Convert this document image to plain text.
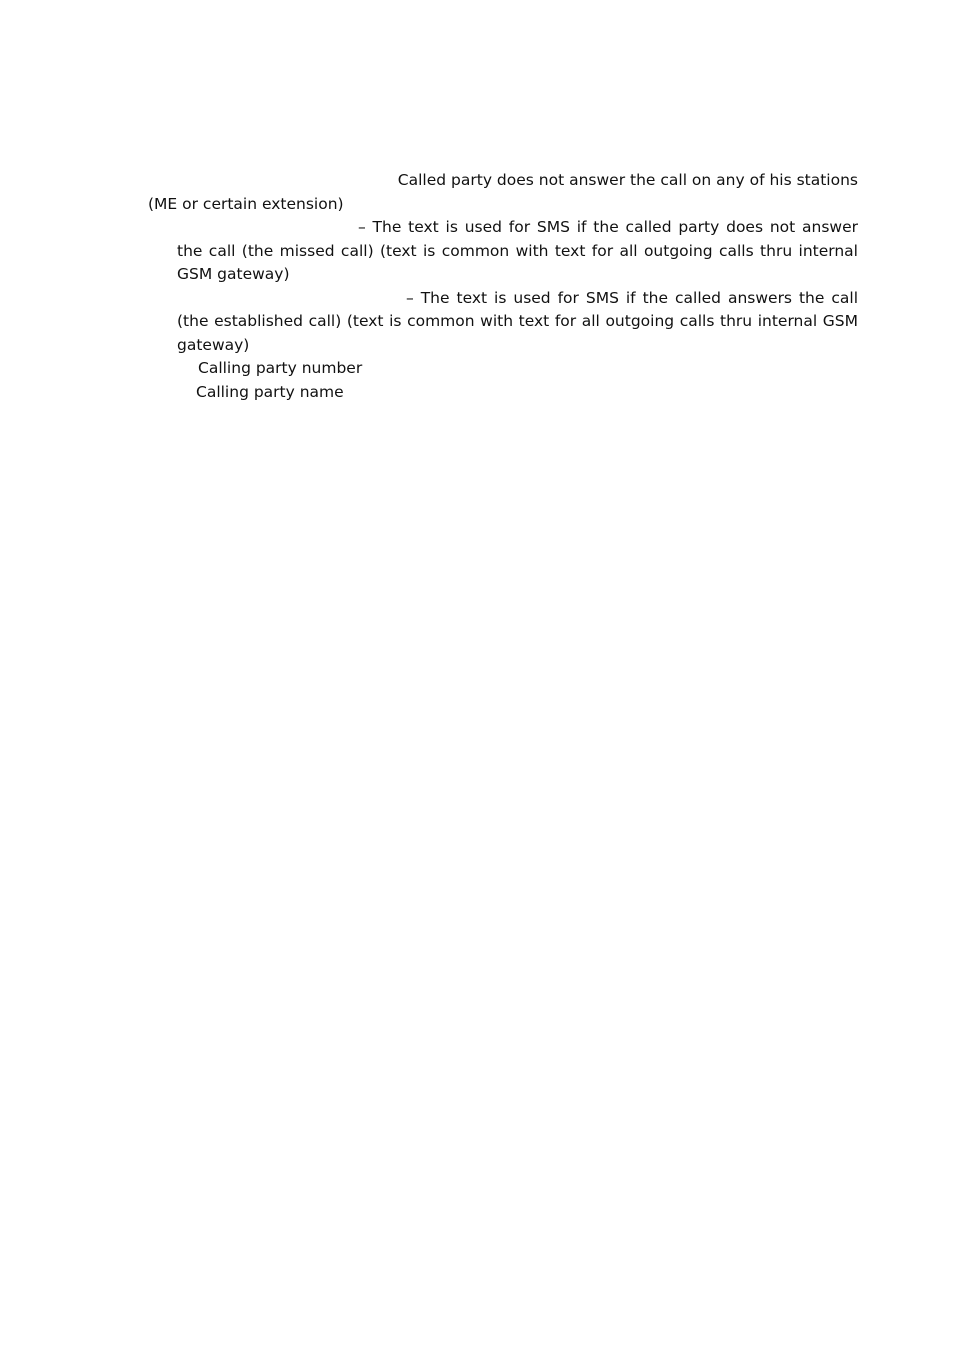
Called party does not answer the call on any of his stations
(ME or certain extension)
– The text is used for SMS if the called party does not answer
the call (the missed call) (text is common with text for all outgoing calls thru internal
GSM gateway)
– The text is used for SMS if the called answers the call
(the established call) (text is common with text for all outgoing calls thru internal GSM
gateway)
Calling party number
Calling party name
